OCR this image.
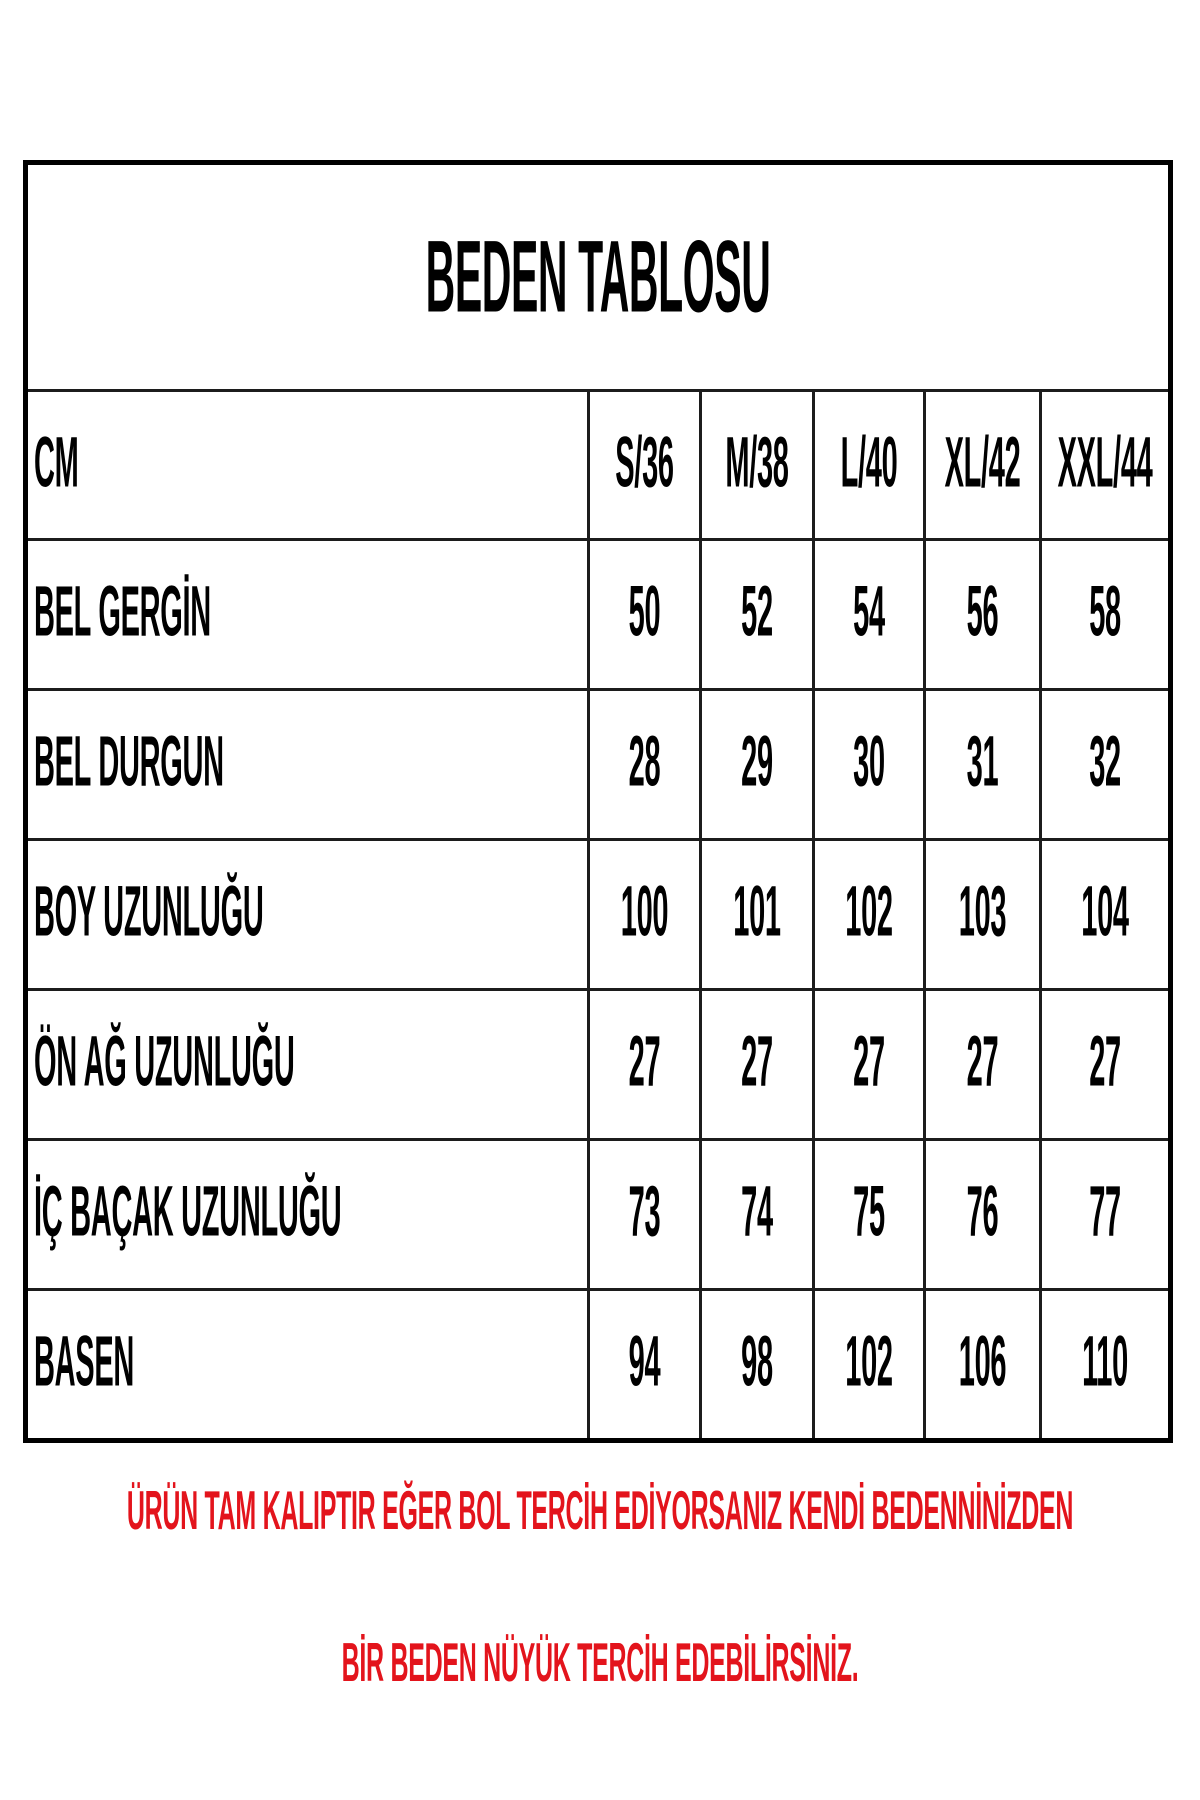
BEDEN TABLOSU					
CM	S/36	M/38	L/40	XL/42	XXL/44
BEL GERGİN	50	52	54	56	58
BEL DURGUN	28	29	30	31	32
BOY UZUNLUĞU	100	101	102	103	104
ÖN AĞ UZUNLUĞU	27	27	27	27	27
İÇ BAÇAK UZUNLUĞU	73	74	75	76	77
BASEN	94	98	102	106	110
ÜRÜN TAM KALIPTIR EĞER BOL TERCİH EDİYORSANIZ KENDİ BEDENNİNİZDEN
BİR BEDEN NÜYÜK TERCİH EDEBİLİRSİNİZ.
